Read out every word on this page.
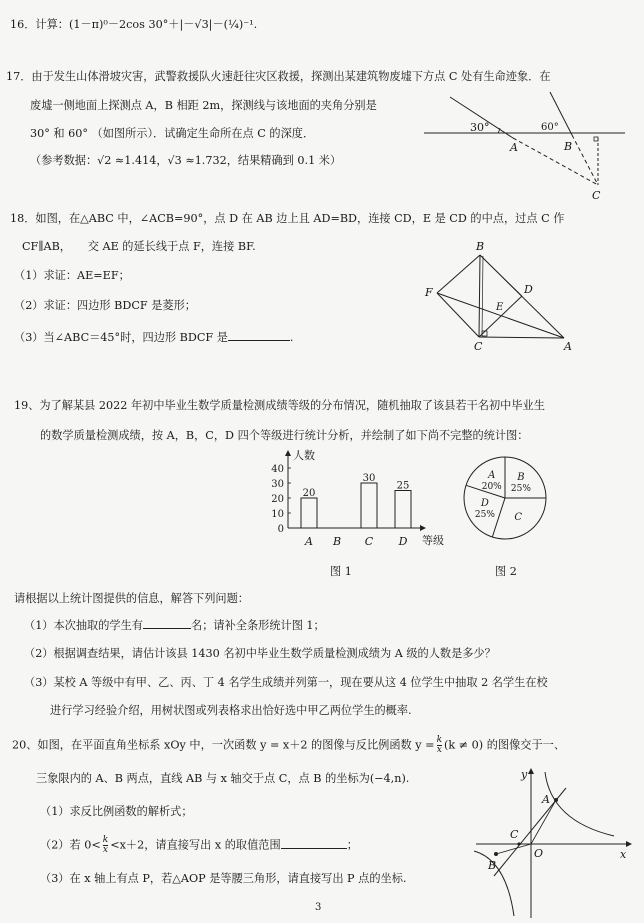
16．计算：(1－π)⁰－2cos 30°＋|－√3|－(¼)⁻¹.
17．由于发生山体滑坡灾害，武警救援队火速赶往灾区救援，探测出某建筑物废墟下方点 C 处有生命迹象．在
废墟一侧地面上探测点 A，B 相距 2m，探测线与该地面的夹角分别是
30° 和 60° （如图所示）．试确定生命所在点 C 的深度．
（参考数据：√2 ≈1.414，√3 ≈1.732，结果精确到 0.1 米）
30°	60°
A	B
C
18．如图，在△ABC 中，∠ACB=90°，点 D 在 AB 边上且 AD=BD，连接 CD，E 是 CD 的中点，过点 C 作
CF∥AB，　　交 AE 的延长线于点 F，连接 BF.
（1）求证：AE=EF；
（2）求证：四边形 BDCF 是菱形；
（3）当∠ABC＝45°时，四边形 BDCF 是	.
B
D
F
E
C	A
19、为了解某县 2022 年初中毕业生数学质量检测成绩等级的分布情况，随机抽取了该县若干名初中毕业生
的数学质量检测成绩，按 A，B，C，D 四个等级进行统计分析，并绘制了如下尚不完整的统计图：
人数
等级
0
10
20
30
40
A
20
B C
30
D
25
B
25%
C
D
25%
A
20%
图 1	图 2
请根据以上统计图提供的信息，解答下列问题：
（1）本次抽取的学生有	名；请补全条形统计图 1；
（2）根据调查结果，请估计该县 1430 名初中毕业生数学质量检测成绩为 A 级的人数是多少？
（3）某校 A 等级中有甲、乙、丙、丁 4 名学生成绩并列第一，现在要从这 4 位学生中抽取 2 名学生在校
进行学习经验介绍，用树状图或列表格求出恰好选中甲乙两位学生的概率.
20、如图，在平面直角坐标系 xOy 中，一次函数 y = x＋2 的图像与反比例函数 $y = \frac{k}{x} (k \ne 0)$ 的图像交于一、
三象限内的 A、B 两点，直线 AB 与 x 轴交于点 C，点 B 的坐标为(−4,n).
（1）求反比例函数的解析式；
（2）若 $0< \frac{k}{x} <x+2$，请直接写出 x 的取值范围	；
（3）在 x 轴上有点 P，若△AOP 是等腰三角形，请直接写出 P 点的坐标.
y
x
A
B
C
O
3
